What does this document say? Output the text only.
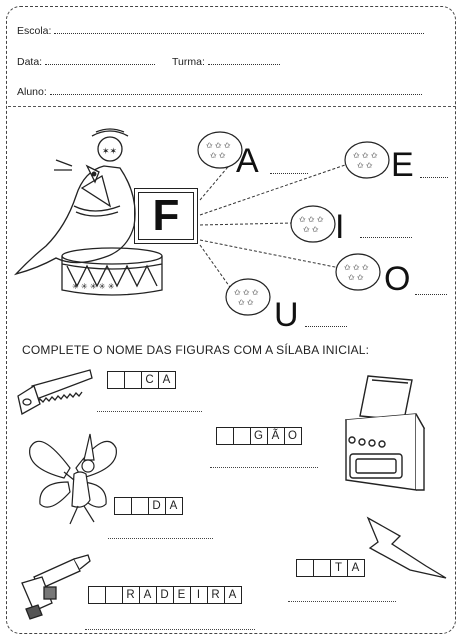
Escola:
Data:	Turma:
Aluno:
✶✶
✳ ✳ ✳ ✳ ✳
F
✩ ✩ ✩
✩ ✩	✩ ✩ ✩
✩ ✩
✩ ✩ ✩
✩ ✩
✩ ✩ ✩
✩ ✩
✩ ✩ ✩
✩ ✩
A	E
I
O
U
COMPLETE O NOME DAS FIGURAS COM A SÍLABA INICIAL:
C A
G Ã O
D A
T A
R A D E I R A
